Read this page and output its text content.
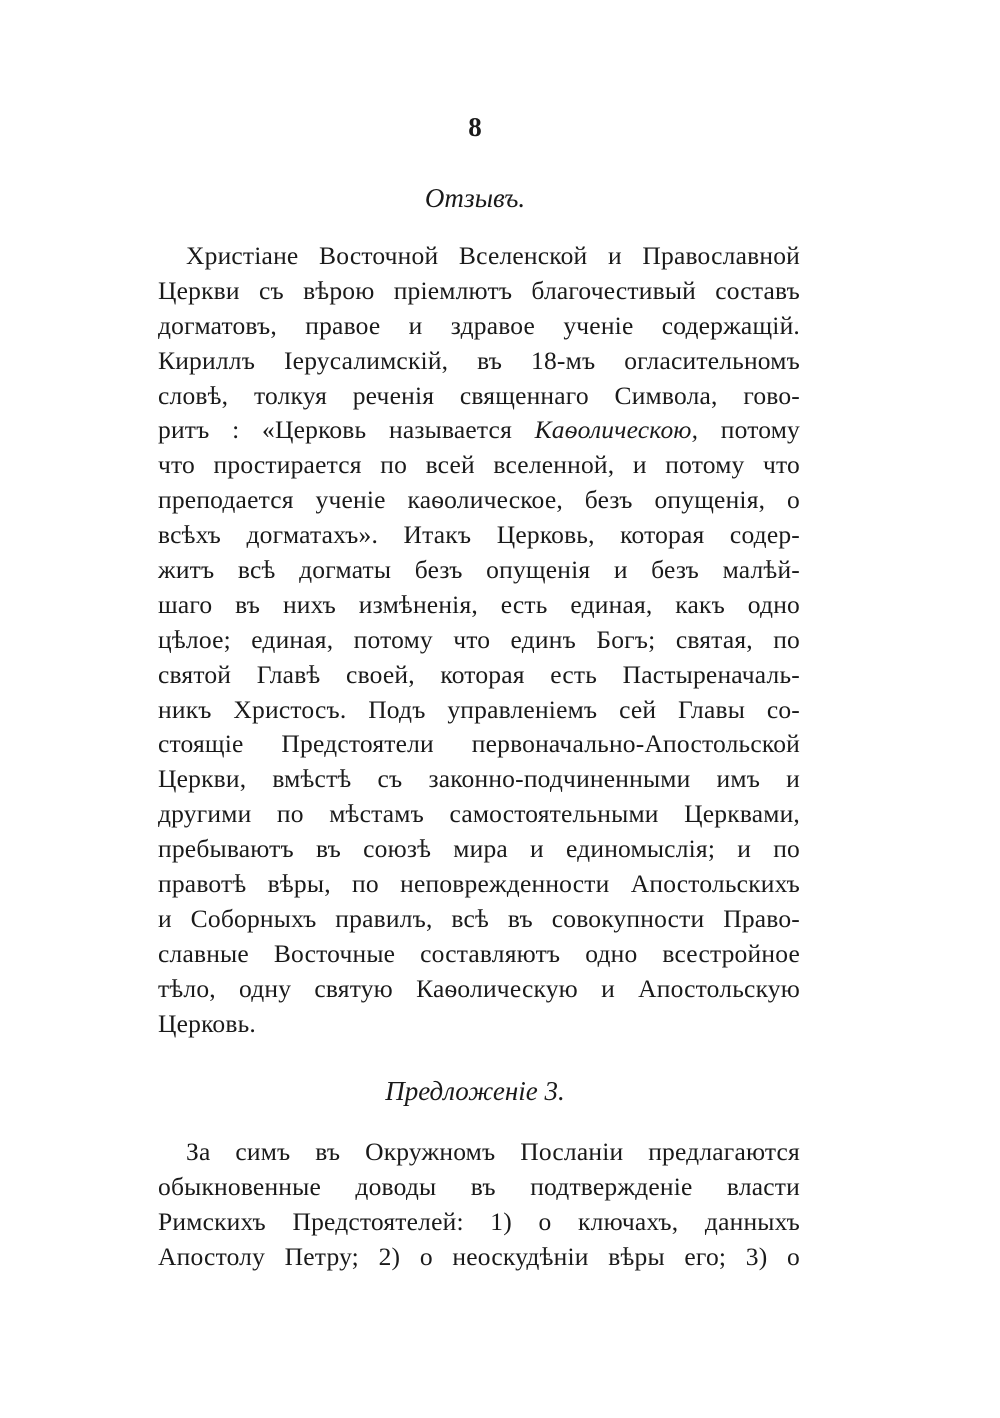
8
Отзывъ.
Христіане Восточной Вселенской и Православной
Церкви съ вѣрою пріемлютъ благочестивый составъ
догматовъ, правое и здравое ученіе содержащій.
Кириллъ Іерусалимскій, въ 18-мъ огласительномъ
словѣ, толкуя реченія священнаго Символа, гово-
ритъ : «Церковь называется Каѳолическою, потому
что простирается по всей вселенной, и потому что
преподается ученіе каѳолическое, безъ опущенія, о
всѣхъ догматахъ». Итакъ Церковь, которая содер-
житъ всѣ догматы безъ опущенія и безъ малѣй-
шаго въ нихъ измѣненія, есть единая, какъ одно
цѣлое; единая, потому что единъ Богъ; святая, по
святой Главѣ своей, которая есть Пастыреначаль-
никъ Христосъ. Подъ управленіемъ сей Главы со-
стоящіе Предстоятели первоначально-Апостольской
Церкви, вмѣстѣ съ законно-подчиненными имъ и
другими по мѣстамъ самостоятельными Церквами,
пребываютъ въ союзѣ мира и единомыслія; и по
правотѣ вѣры, по неповрежденности Апостольскихъ
и Соборныхъ правилъ, всѣ въ совокупности Право-
славные Восточные составляютъ одно всестройное
тѣло, одну святую Каѳолическую и Апостольскую
Церковь.
Предложеніе 3.
За симъ въ Окружномъ Посланіи предлагаются
обыкновенные доводы въ подтвержденіе власти
Римскихъ Предстоятелей: 1) о ключахъ, данныхъ
Апостолу Петру; 2) о неоскудѣніи вѣры его; 3) о
